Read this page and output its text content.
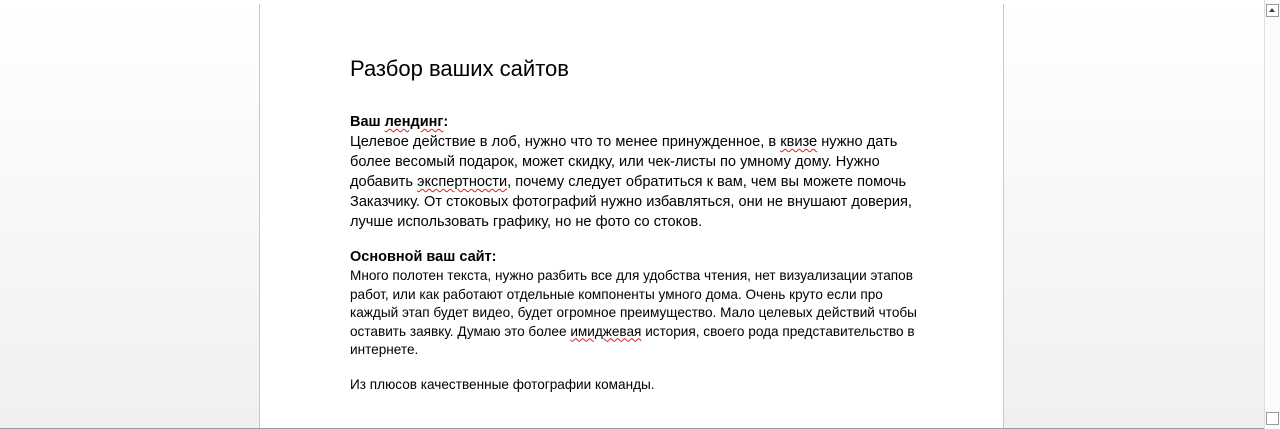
Разбор ваших сайтов

Ваш лендинг:

Целевое действие в лоб, нужно что то менее принужденное, в квизе нужно дать более весомый подарок, может скидку, или чек-листы по умному дому. Нужно добавить экспертности, почему следует обратиться к вам, чем вы можете помочь Заказчику. От стоковых фотографий нужно избавляться, они не внушают доверия, лучше использовать графику, но не фото со стоков.

Основной ваш сайт:

Много полотен текста, нужно разбить все для удобства чтения, нет визуализации этапов работ, или как работают отдельные компоненты умного дома. Очень круто если про каждый этап будет видео, будет огромное преимущество. Мало целевых действий чтобы оставить заявку. Думаю это более имиджевая история, своего рода представительство в интернете.

Из плюсов качественные фотографии команды.
